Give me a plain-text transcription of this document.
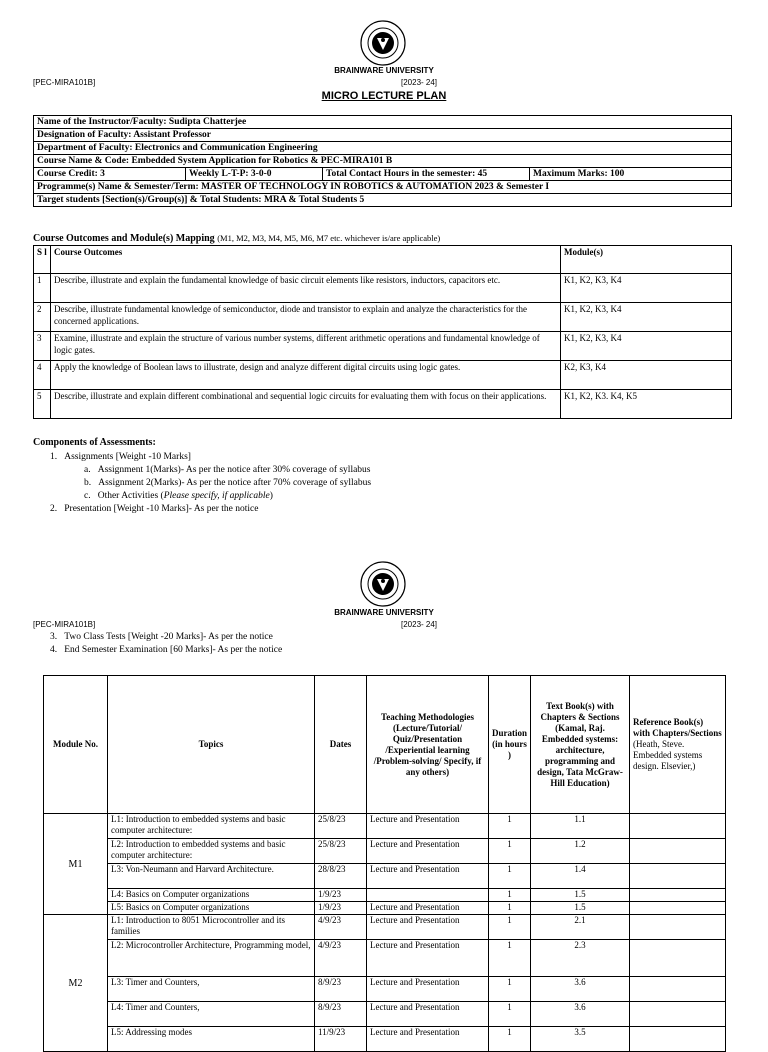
BRAINWARE UNIVERSITY
[PEC-MIRA101B]	[2023- 24]
MICRO LECTURE PLAN
Name of the Instructor/Faculty: Sudipta Chatterjee
Designation of Faculty: Assistant Professor
Department of Faculty: Electronics and Communication Engineering
Course Name & Code: Embedded System Application for Robotics & PEC-MIRA101 B
Course Credit: 3	Weekly L-T-P: 3-0-0	Total Contact Hours in the semester: 45	Maximum Marks: 100
Programme(s) Name & Semester/Term: MASTER OF TECHNOLOGY IN ROBOTICS & AUTOMATION 2023 & Semester I
Target students [Section(s)/Group(s)] & Total Students: MRA & Total Students 5
Course Outcomes and Module(s) Mapping (M1, M2, M3, M4, M5, M6, M7 etc. whichever is/are applicable)
S l	Course Outcomes	Module(s)
1	Describe, illustrate and explain the fundamental knowledge of basic circuit elements like resistors, inductors, capacitors etc.	K1, K2, K3, K4
2	Describe, illustrate fundamental knowledge of semiconductor, diode and transistor to explain and analyze the characteristics for the concerned applications.	K1, K2, K3, K4
3	Examine, illustrate and explain the structure of various number systems, different arithmetic operations and fundamental knowledge of logic gates.	K1, K2, K3, K4
4	Apply the knowledge of Boolean laws to illustrate, design and analyze different digital circuits using logic gates.	K2, K3, K4
5	Describe, illustrate and explain different combinational and sequential logic circuits for evaluating them with focus on their applications.	K1, K2, K3. K4, K5
Components of Assessments:
1.   Assignments [Weight -10 Marks]
a.   Assignment 1(Marks)- As per the notice after 30% coverage of syllabus
b.   Assignment 2(Marks)- As per the notice after 70% coverage of syllabus
c.   Other Activities (Please specify, if applicable)
2.   Presentation [Weight -10 Marks]- As per the notice
BRAINWARE UNIVERSITY
[PEC-MIRA101B]	[2023- 24]
3.   Two Class Tests [Weight -20 Marks]- As per the notice
4.   End Semester Examination [60 Marks]- As per the notice
Module No.	Topics	Dates	Teaching Methodologies (Lecture/Tutorial/ Quiz/Presentation /Experiential learning /Problem-solving/ Specify, if any others)	Duration (in hours )	Text Book(s) with Chapters & Sections (Kamal, Raj. Embedded systems: architecture, programming and design, Tata McGraw-Hill Education)	Reference Book(s) with Chapters/Sections (Heath, Steve. Embedded systems design. Elsevier,)
M1	L1: Introduction to embedded systems and basic computer architecture:	25/8/23	Lecture and Presentation	1	1.1	
	L2: Introduction to embedded systems and basic computer architecture:	25/8/23	Lecture and Presentation	1	1.2	
	L3: Von-Neumann and Harvard Architecture.	28/8/23	Lecture and Presentation	1	1.4	
	L4: Basics on Computer organizations	1/9/23		1	1.5	
	L5: Basics on Computer organizations	1/9/23	Lecture and Presentation	1	1.5	
M2	L1: Introduction to 8051 Microcontroller and its families	4/9/23	Lecture and Presentation	1	2.1	
	L2: Microcontroller Architecture, Programming model,	4/9/23	Lecture and Presentation	1	2.3	
	L3: Timer and Counters,	8/9/23	Lecture and Presentation	1	3.6	
	L4: Timer and Counters,	8/9/23	Lecture and Presentation	1	3.6	
	L5: Addressing modes	11/9/23	Lecture and Presentation	1	3.5	
